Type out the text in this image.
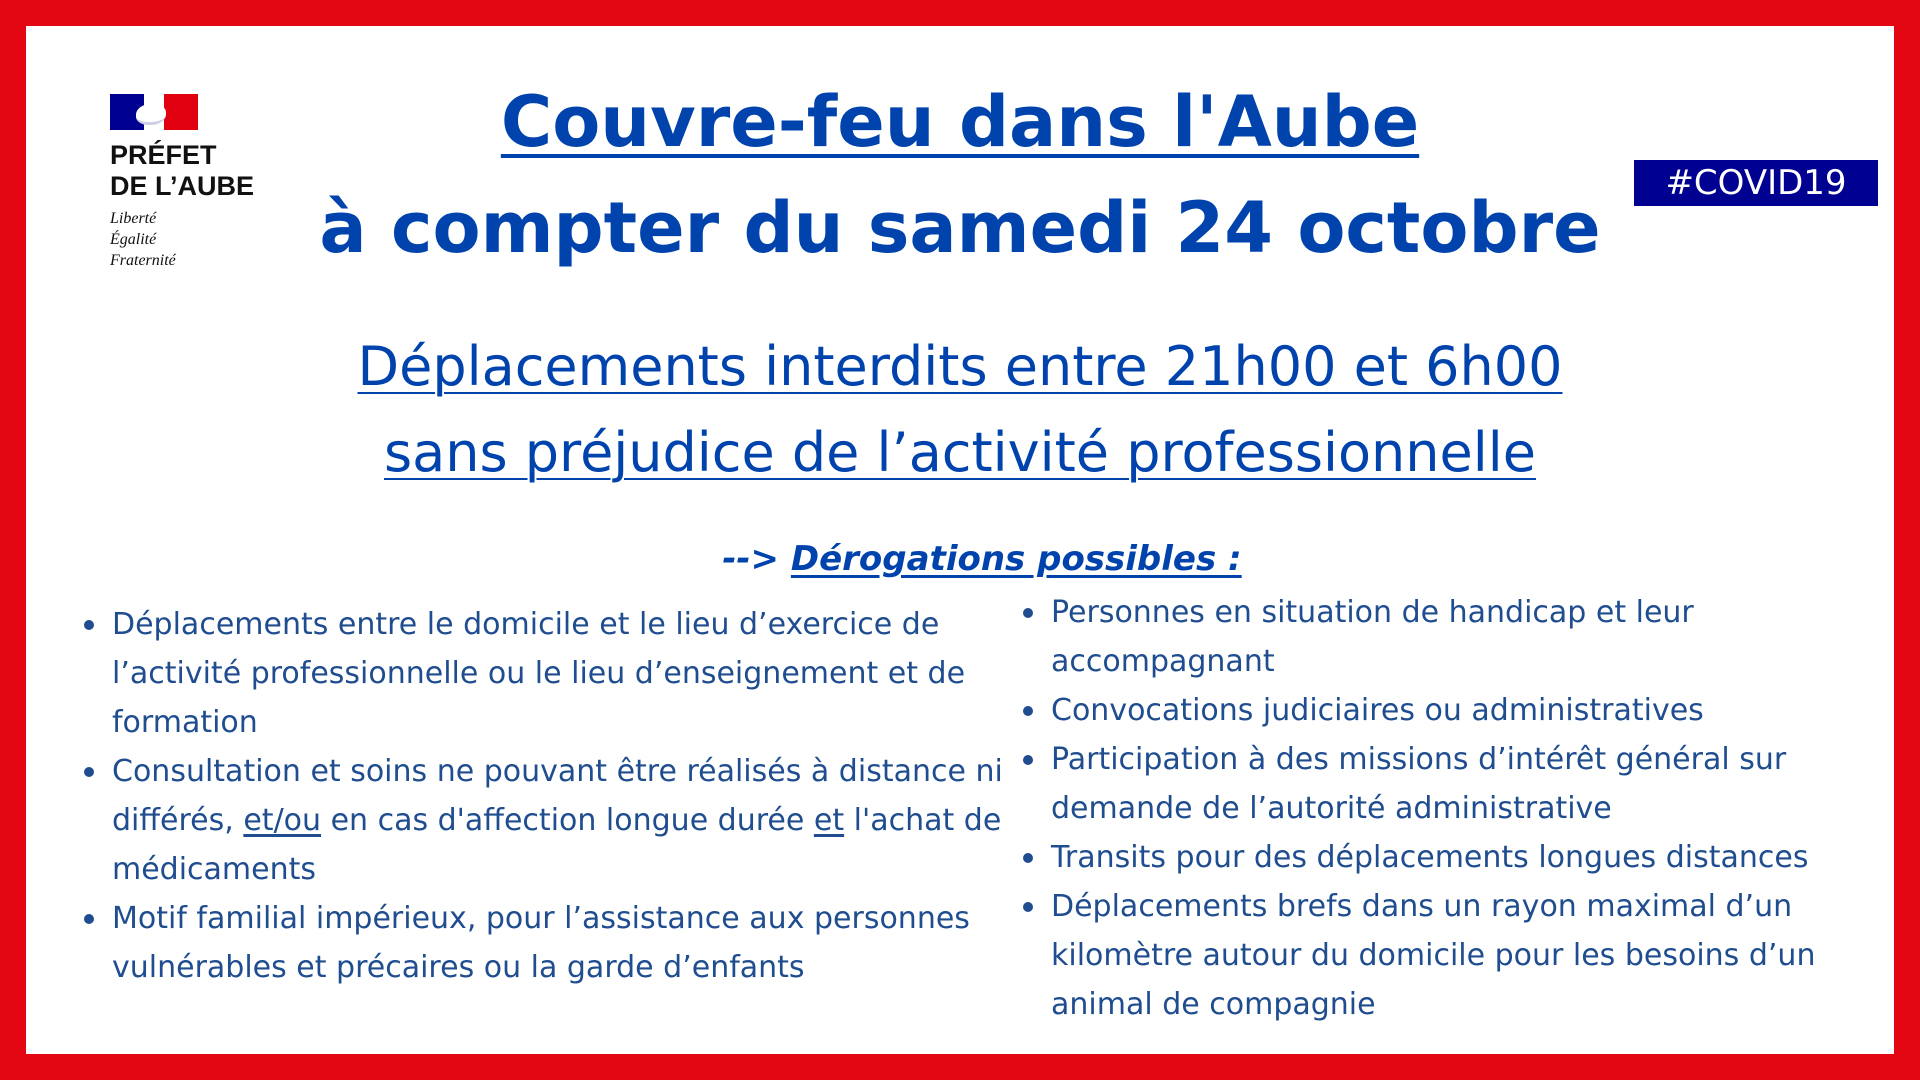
PRÉFET
DE L’AUBE
Liberté
Égalité
Fraternité
#COVID19
Couvre-feu dans l'Aube
à compter du samedi 24 octobre
Déplacements interdits entre 21h00 et 6h00
sans préjudice de l’activité professionnelle
--> Dérogations possibles :
Déplacements entre le domicile et le lieu d’exercice de l’activité professionnelle ou le lieu d’enseignement et de formation
Consultation et soins ne pouvant être réalisés à distance ni différés, et/ou en cas d'affection longue durée et l'achat de médicaments
Motif familial impérieux, pour l’assistance aux personnes vulnérables et précaires ou la garde d’enfants
Personnes en situation de handicap et leur accompagnant
Convocations judiciaires ou administratives
Participation à des missions d’intérêt général sur demande de l’autorité administrative
Transits pour des déplacements longues distances
Déplacements brefs dans un rayon maximal d’un kilomètre autour du domicile pour les besoins d’un animal de compagnie
